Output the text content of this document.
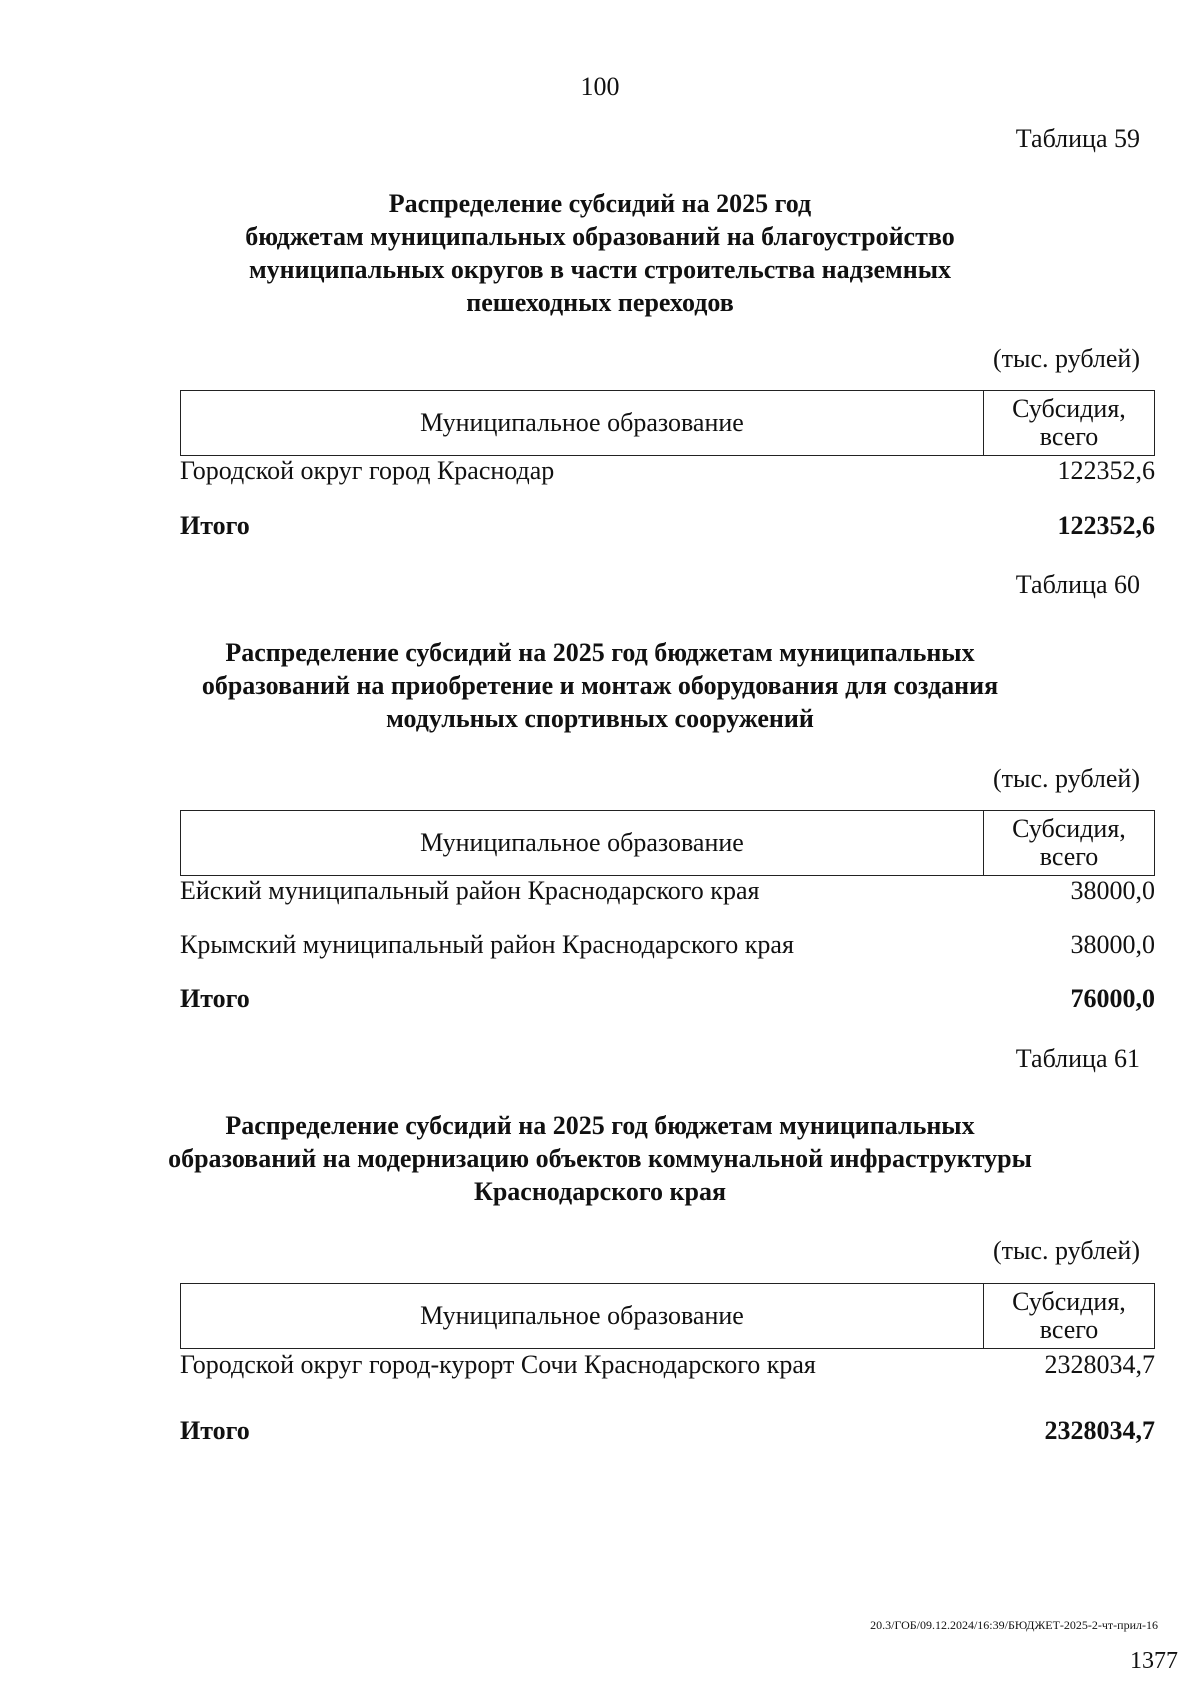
100
Таблица 59
Распределение субсидий на 2025 год
бюджетам муниципальных образований на благоустройство
муниципальных округов в части строительства надземных
пешеходных переходов
(тыс. рублей)
Муниципальное образование	Субсидия,
всего
Городской округ город Краснодар	122352,6
Итого	122352,6
Таблица 60
Распределение субсидий на 2025 год бюджетам муниципальных
образований на приобретение и монтаж оборудования для создания
модульных спортивных сооружений
(тыс. рублей)
Муниципальное образование	Субсидия,
всего
Ейский муниципальный район Краснодарского края	38000,0
Крымский муниципальный район Краснодарского края	38000,0
Итого	76000,0
Таблица 61
Распределение субсидий на 2025 год бюджетам муниципальных
образований на модернизацию объектов коммунальной инфраструктуры
Краснодарского края
(тыс. рублей)
Муниципальное образование	Субсидия,
всего
Городской округ город-курорт Сочи Краснодарского края	2328034,7
Итого	2328034,7
20.3/ГОБ/09.12.2024/16:39/БЮДЖЕТ-2025-2-чт-прил-16
1377
